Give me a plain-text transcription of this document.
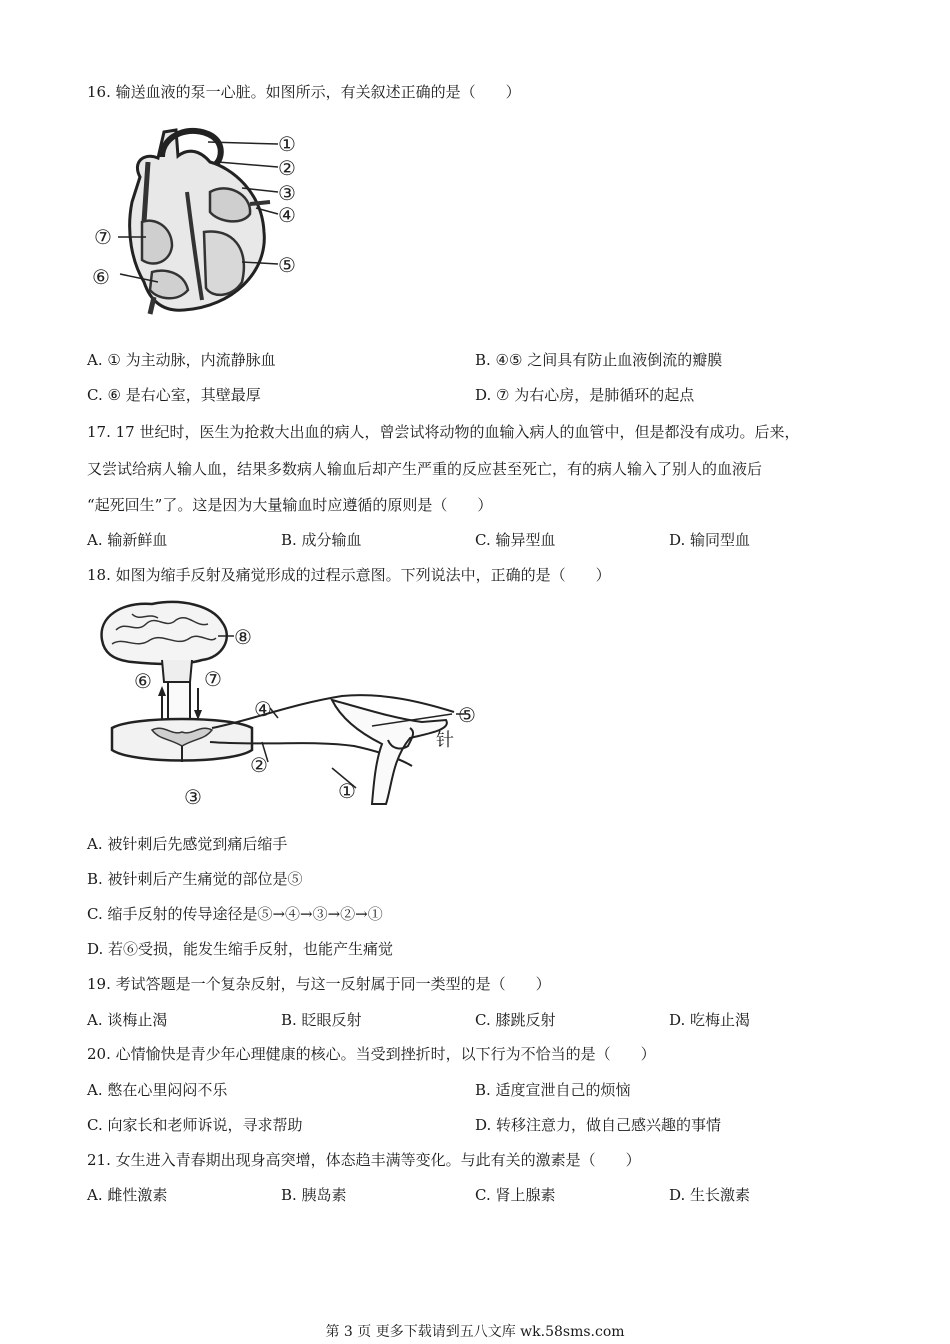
16. 输送血液的泵一心脏。如图所示，有关叙述正确的是（　　）
①
②
③
④
⑤
⑥
⑦
A. ① 为主动脉，内流静脉血	B. ④⑤ 之间具有防止血液倒流的瓣膜
C. ⑥ 是右心室，其壁最厚	D. ⑦ 为右心房，是肺循环的起点
17. 17 世纪时，医生为抢救大出血的病人，曾尝试将动物的血输入病人的血管中，但是都没有成功。后来，
又尝试给病人输人血，结果多数病人输血后却产生严重的反应甚至死亡，有的病人输入了别人的血液后
“起死回生”了。这是因为大量输血时应遵循的原则是（　　）
A. 输新鲜血	B. 成分输血	C. 输异型血	D. 输同型血
18. 如图为缩手反射及痛觉形成的过程示意图。下列说法中，正确的是（　　）
①
②
③
④	⑤
⑥	⑦
⑧
针
A. 被针刺后先感觉到痛后缩手
B. 被针刺后产生痛觉的部位是⑤
C. 缩手反射的传导途径是⑤→④→③→②→①
D. 若⑥受损，能发生缩手反射，也能产生痛觉
19. 考试答题是一个复杂反射，与这一反射属于同一类型的是（　　）
A. 谈梅止渴	B. 眨眼反射	C. 膝跳反射	D. 吃梅止渴
20. 心情愉快是青少年心理健康的核心。当受到挫折时，以下行为不恰当的是（　　）
A. 憋在心里闷闷不乐	B. 适度宣泄自己的烦恼
C. 向家长和老师诉说，寻求帮助	D. 转移注意力，做自己感兴趣的事情
21. 女生进入青春期出现身高突增，体态趋丰满等变化。与此有关的激素是（　　）
A. 雌性激素	B. 胰岛素	C. 肾上腺素	D. 生长激素
第 3 页 更多下载请到五八文库 wk.58sms.com
